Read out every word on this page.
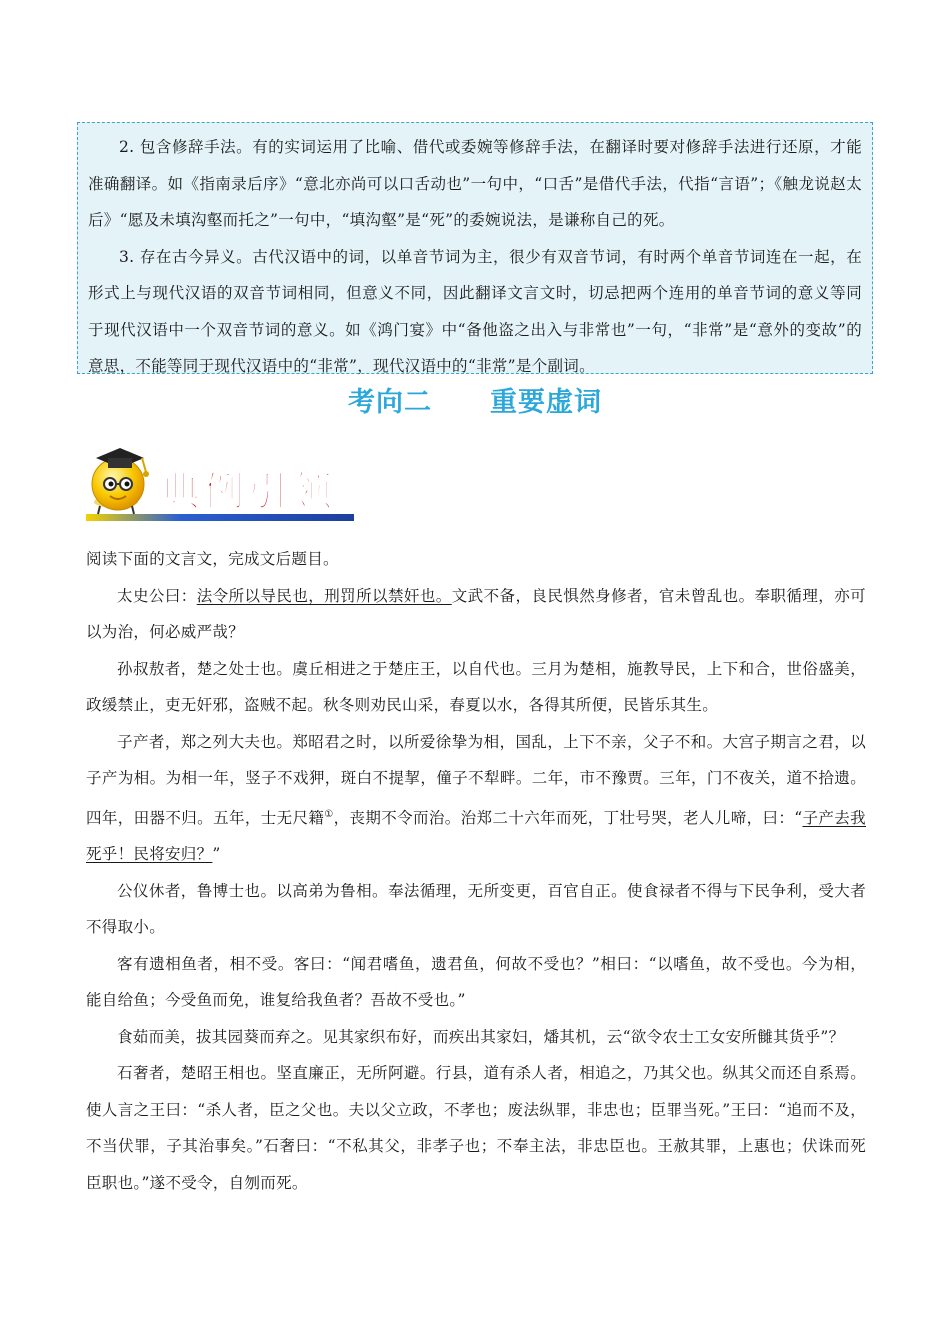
2. 包含修辞手法。有的实词运用了比喻、借代或委婉等修辞手法，在翻译时要对修辞手法进行还原，才能准确翻译。如《指南录后序》“意北亦尚可以口舌动也”一句中，“口舌”是借代手法，代指“言语”；《触龙说赵太后》“愿及未填沟壑而托之”一句中，“填沟壑”是“死”的委婉说法，是谦称自己的死。

3. 存在古今异义。古代汉语中的词，以单音节词为主，很少有双音节词，有时两个单音节词连在一起，在形式上与现代汉语的双音节词相同，但意义不同，因此翻译文言文时，切忌把两个连用的单音节词的意义等同于现代汉语中一个双音节词的意义。如《鸿门宴》中“备他盗之出入与非常也”一句，“非常”是“意外的变故”的意思，不能等同于现代汉语中的“非常”，现代汉语中的“非常”是个副词。

考向二 重要虚词
典例引领

阅读下面的文言文，完成文后题目。

太史公曰：法令所以导民也，刑罚所以禁奸也。文武不备，良民惧然身修者，官未曾乱也。奉职循理，亦可以为治，何必威严哉？

孙叔敖者，楚之处士也。虞丘相进之于楚庄王，以自代也。三月为楚相，施教导民，上下和合，世俗盛美，政缓禁止，吏无奸邪，盗贼不起。秋冬则劝民山采，春夏以水，各得其所便，民皆乐其生。

子产者，郑之列大夫也。郑昭君之时，以所爱徐挚为相，国乱，上下不亲，父子不和。大宫子期言之君，以子产为相。为相一年，竖子不戏狎，斑白不提挈，僮子不犁畔。二年，市不豫贾。三年，门不夜关，道不拾遗。四年，田器不归。五年，士无尺籍①，丧期不令而治。治郑二十六年而死，丁壮号哭，老人儿啼，曰：“子产去我死乎！民将安归？”

公仪休者，鲁博士也。以高弟为鲁相。奉法循理，无所变更，百官自正。使食禄者不得与下民争利，受大者不得取小。

客有遗相鱼者，相不受。客曰：“闻君嗜鱼，遗君鱼，何故不受也？”相曰：“以嗜鱼，故不受也。今为相，能自给鱼；今受鱼而免，谁复给我鱼者？吾故不受也。”

食茹而美，拔其园葵而弃之。见其家织布好，而疾出其家妇，燔其机，云“欲令农士工女安所雠其货乎”？

石奢者，楚昭王相也。坚直廉正，无所阿避。行县，道有杀人者，相追之，乃其父也。纵其父而还自系焉。使人言之王曰：“杀人者，臣之父也。夫以父立政，不孝也；废法纵罪，非忠也；臣罪当死。”王曰：“追而不及，不当伏罪，子其治事矣。”石奢曰：“不私其父，非孝子也；不奉主法，非忠臣也。王赦其罪，上惠也；伏诛而死臣职也。”遂不受令，自刎而死。
